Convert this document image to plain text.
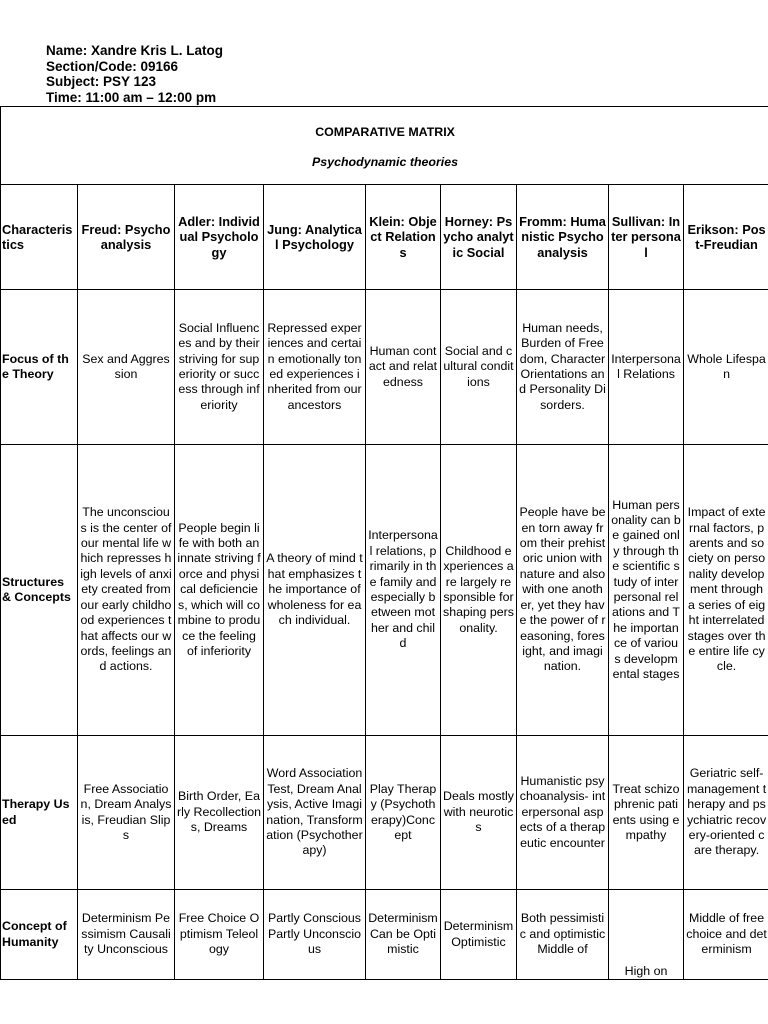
Name: Xandre Kris L. Latog
Section/Code: 09166
Subject: PSY 123
Time: 11:00 am – 12:00 pm
COMPARATIVE MATRIX
Psychodynamic theories								

Characteristics	Freud: Psycho analysis	Adler: Individual Psychology	Jung: Analytical Psychology	Klein: Object Relations	Horney: Psycho analytic Social	Fromm: Humanistic Psychoanalysis	Sullivan: Inter personal	Erikson: Post-Freudian
Focus of the Theory	Sex and Aggression	Social Influences and by their striving for superiority or success through inferiority	Repressed experiences and certain emotionally toned experiences inherited from our ancestors	Human contact and relatedness	Social and cultural conditions	Human needs, Burden of Freedom, Character Orientations and Personality Disorders.	Interpersonal Relations	Whole Lifespan
Structures & Concepts	The unconscious is the center of our mental life which represses high levels of anxiety created from our early childhood experiences that affects our words, feelings and actions.	People begin life with both an innate striving force and physical deficiencies, which will combine to produce the feeling of inferiority	A theory of mind that emphasizes the importance of wholeness for each individual.	Interpersonal relations, primarily in the family and especially between mother and child	Childhood experiences are largely responsible for shaping personality.	People have been torn away from their prehistoric union with nature and also with one another, yet they have the power of reasoning, foresight, and imagination.	Human personality can be gained only through the scientific study of interpersonal relations and The importance of various developmental stages	Impact of external factors, parents and society on personality development through a series of eight interrelated stages over the entire life cycle.
Therapy Used	Free Association, Dream Analysis, Freudian Slips	Birth Order, Early Recollections, Dreams	Word Association Test, Dream Analysis, Active Imagination, Transformation (Psychotherapy)	Play Therapy (Psychotherapy)Concept	Deals mostly with neurotics	Humanistic psychoanalysis- interpersonal aspects of a therapeutic encounter	Treat schizophrenic patients using empathy	Geriatric self-management therapy and psychiatric recovery-oriented care therapy.
Concept of Humanity	Determinism Pessimism Causality Unconscious	Free Choice Optimism Teleology	Partly Conscious Partly Unconscious	Determinism Can be Optimistic	Determinism Optimistic	Both pessimistic and optimistic Middle of	High on	Middle of free choice and determinism
